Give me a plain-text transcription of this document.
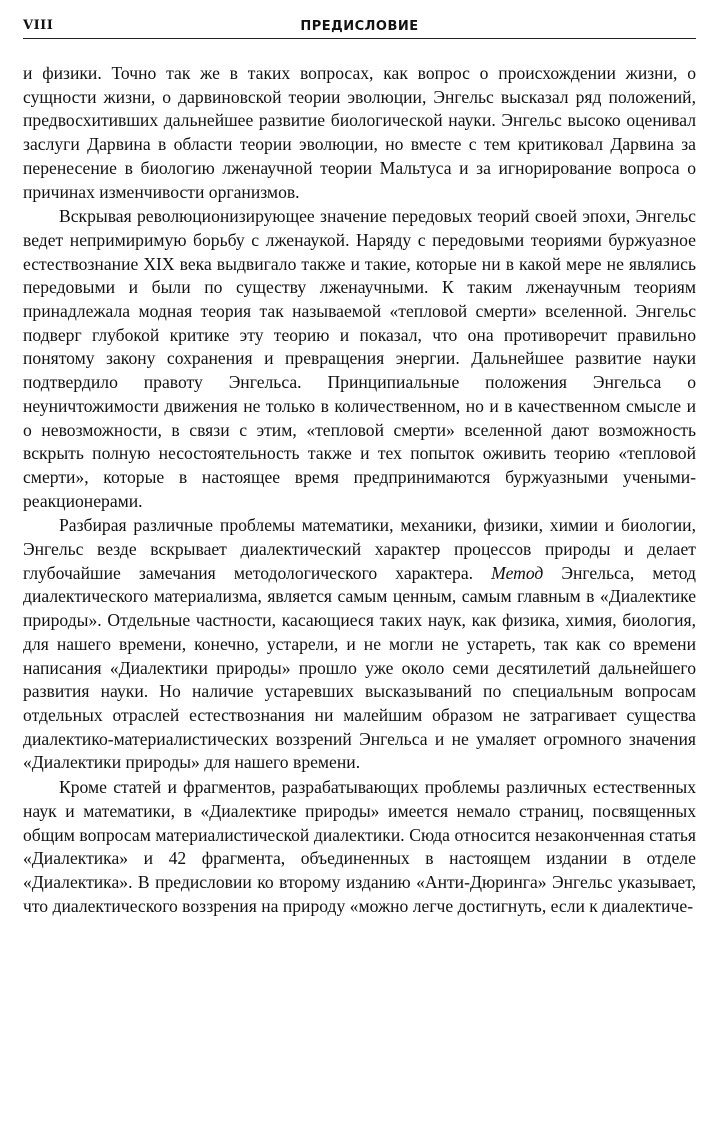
VIII	ПРЕДИСЛОВИЕ

и физики. Точно так же в таких вопросах, как вопрос о происхождении жизни, о сущности жизни, о дарвиновской теории эволюции, Энгельс высказал ряд положений, предвосхитивших дальнейшее развитие биологической науки. Энгельс высоко оценивал заслуги Дарвина в области теории эволюции, но вместе с тем критиковал Дарвина за перенесение в биологию лженаучной теории Мальтуса и за игнорирование вопроса о причинах изменчивости организмов.

Вскрывая революционизирующее значение передовых теорий своей эпохи, Энгельс ведет непримиримую борьбу с лженаукой. Наряду с передовыми теориями буржуазное естествознание XIX века выдвигало также и такие, которые ни в какой мере не являлись передовыми и были по существу лженаучными. К таким лженаучным теориям принадлежала модная теория так называемой «тепловой смерти» вселенной. Энгельс подверг глубокой критике эту теорию и показал, что она противоречит правильно понятому закону сохранения и превращения энергии. Дальнейшее развитие науки подтвердило правоту Энгельса. Принципиальные положения Энгельса о неуничтожимости движения не только в количественном, но и в качественном смысле и о невозможности, в связи с этим, «тепловой смерти» вселенной дают возможность вскрыть полную несостоятельность также и тех попыток оживить теорию «тепловой смерти», которые в настоящее время предпринимаются буржуазными учеными-реакционерами.

Разбирая различные проблемы математики, механики, физики, химии и биологии, Энгельс везде вскрывает диалектический характер процессов природы и делает глубочайшие замечания методологического характера. Метод Энгельса, метод диалектического материализма, является самым ценным, самым главным в «Диалектике природы». Отдельные частности, касающиеся таких наук, как физика, химия, биология, для нашего времени, конечно, устарели, и не могли не устареть, так как со времени написания «Диалектики природы» прошло уже около семи десятилетий дальнейшего развития науки. Но наличие устаревших высказываний по специальным вопросам отдельных отраслей естествознания ни малейшим образом не затрагивает существа диалектико-материалистических воззрений Энгельса и не умаляет огромного значения «Диалектики природы» для нашего времени.

Кроме статей и фрагментов, разрабатывающих проблемы различных естественных наук и математики, в «Диалектике природы» имеется немало страниц, посвященных общим вопросам материалистической диалектики. Сюда относится незаконченная статья «Диалектика» и 42 фрагмента, объединенных в настоящем издании в отделе «Диалектика». В предисловии ко второму изданию «Анти-Дюринга» Энгельс указывает, что диалектического воззрения на природу «можно легче достигнуть, если к диалектиче-
